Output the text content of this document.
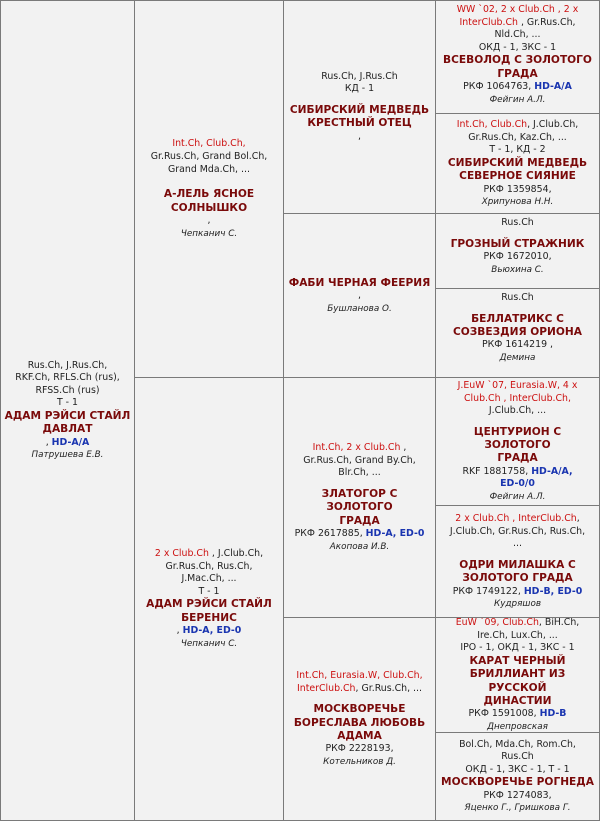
Rus.Ch, J.Rus.Ch,
RKF.Ch, RFLS.Ch (rus),
RFSS.Ch (rus)
T - 1
АДАМ РЭЙСИ СТАЙЛ
ДАВЛАТ
, HD-A/A
Патрушева Е.В.
Int.Ch, Club.Ch,
Gr.Rus.Ch, Grand Bol.Ch,
Grand Mda.Ch, ...
А-ЛЕЛЬ ЯСНОЕ
СОЛНЫШКО
,
Чепканич С.
2 x Club.Ch , J.Club.Ch,
Gr.Rus.Ch, Rus.Ch,
J.Mac.Ch, ...
T - 1
АДАМ РЭЙСИ СТАЙЛ
БЕРЕНИС
, HD-A, ED-0
Чепканич С.
Rus.Ch, J.Rus.Ch
КД - 1
СИБИРСКИЙ МЕДВЕДЬ
КРЕСТНЫЙ ОТЕЦ
,
ФАБИ ЧЕРНАЯ ФЕЕРИЯ
,
Бушланова О.
Int.Ch, 2 x Club.Ch ,
Gr.Rus.Ch, Grand By.Ch,
Blr.Ch, ...
ЗЛАТОГОР С ЗОЛОТОГО
ГРАДА
РКФ 2617885, HD-A, ED-0
Акопова И.В.
Int.Ch, Eurasia.W, Club.Ch,
InterClub.Ch, Gr.Rus.Ch, ...
МОСКВОРЕЧЬЕ
БОРЕСЛАВА ЛЮБОВЬ
АДАМА
РКФ 2228193,
Котельников Д.
WW `02, 2 x Club.Ch , 2 x
InterClub.Ch , Gr.Rus.Ch,
Nld.Ch, ...
ОКД - 1, ЗКС - 1
ВСЕВОЛОД С ЗОЛОТОГО
ГРАДА
РКФ 1064763, HD-A/A
Фейгин А.Л.
Int.Ch, Club.Ch, J.Club.Ch,
Gr.Rus.Ch, Kaz.Ch, ...
Т - 1, КД - 2
СИБИРСКИЙ МЕДВЕДЬ
СЕВЕРНОЕ СИЯНИЕ
РКФ 1359854,
Хрипунова Н.Н.
Rus.Ch
ГРОЗНЫЙ СТРАЖНИК
РКФ 1672010,
Вьюхина С.
Rus.Ch
БЕЛЛАТРИКС С
СОЗВЕЗДИЯ ОРИОНА
РКФ 1614219 ,
Демина
J.EuW `07, Eurasia.W, 4 x
Club.Ch , InterClub.Ch,
J.Club.Ch, ...
ЦЕНТУРИОН С ЗОЛОТОГО
ГРАДА
RKF 1881758, HD-A/A,
ED-0/0
Фейгин А.Л.
2 x Club.Ch , InterClub.Ch,
J.Club.Ch, Gr.Rus.Ch, Rus.Ch,
...
ОДРИ МИЛАШКА С
ЗОЛОТОГО ГРАДА
РКФ 1749122, HD-B, ED-0
Кудряшов
EuW `09, Club.Ch, BiH.Ch,
Ire.Ch, Lux.Ch, ...
IPO - 1, ОКД - 1, ЗКС - 1
КАРАТ ЧЕРНЫЙ
БРИЛЛИАНТ ИЗ РУССКОЙ
ДИНАСТИИ
РКФ 1591008, HD-B
Днепровская
Bol.Ch, Mda.Ch, Rom.Ch,
Rus.Ch
ОКД - 1, ЗКС - 1, Т - 1
МОСКВОРЕЧЬЕ РОГНЕДА
РКФ 1274083,
Яценко Г., Гришкова Г.
